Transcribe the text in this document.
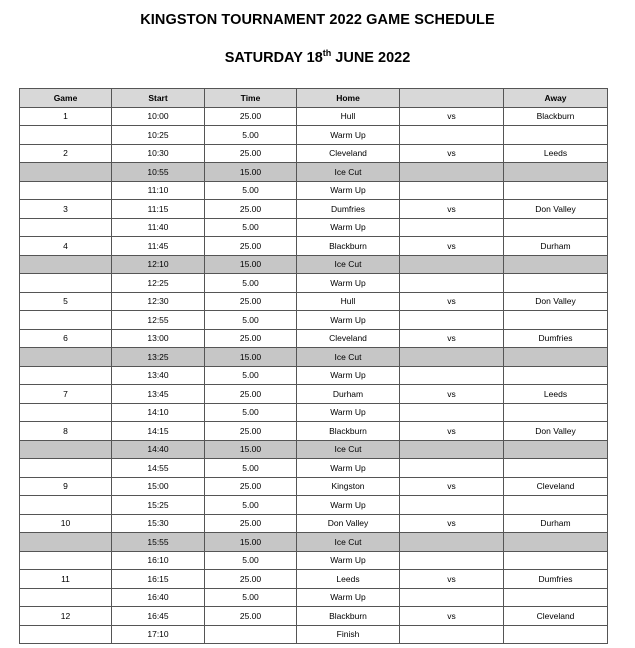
KINGSTON TOURNAMENT 2022 GAME SCHEDULE
SATURDAY 18th JUNE 2022
Game	Start	Time	Home		Away
1	10:00	25.00	Hull	vs	Blackburn
	10:25	5.00	Warm Up		
2	10:30	25.00	Cleveland	vs	Leeds
	10:55	15.00	Ice Cut		
	11:10	5.00	Warm Up		
3	11:15	25.00	Dumfries	vs	Don Valley
	11:40	5.00	Warm Up		
4	11:45	25.00	Blackburn	vs	Durham
	12:10	15.00	Ice Cut		
	12:25	5.00	Warm Up		
5	12:30	25.00	Hull	vs	Don Valley
	12:55	5.00	Warm Up		
6	13:00	25.00	Cleveland	vs	Dumfries
	13:25	15.00	Ice Cut		
	13:40	5.00	Warm Up		
7	13:45	25.00	Durham	vs	Leeds
	14:10	5.00	Warm Up		
8	14:15	25.00	Blackburn	vs	Don Valley
	14:40	15.00	Ice Cut		
	14:55	5.00	Warm Up		
9	15:00	25.00	Kingston	vs	Cleveland
	15:25	5.00	Warm Up		
10	15:30	25.00	Don Valley	vs	Durham
	15:55	15.00	Ice Cut		
	16:10	5.00	Warm Up		
11	16:15	25.00	Leeds	vs	Dumfries
	16:40	5.00	Warm Up		
12	16:45	25.00	Blackburn	vs	Cleveland
	17:10		Finish		
